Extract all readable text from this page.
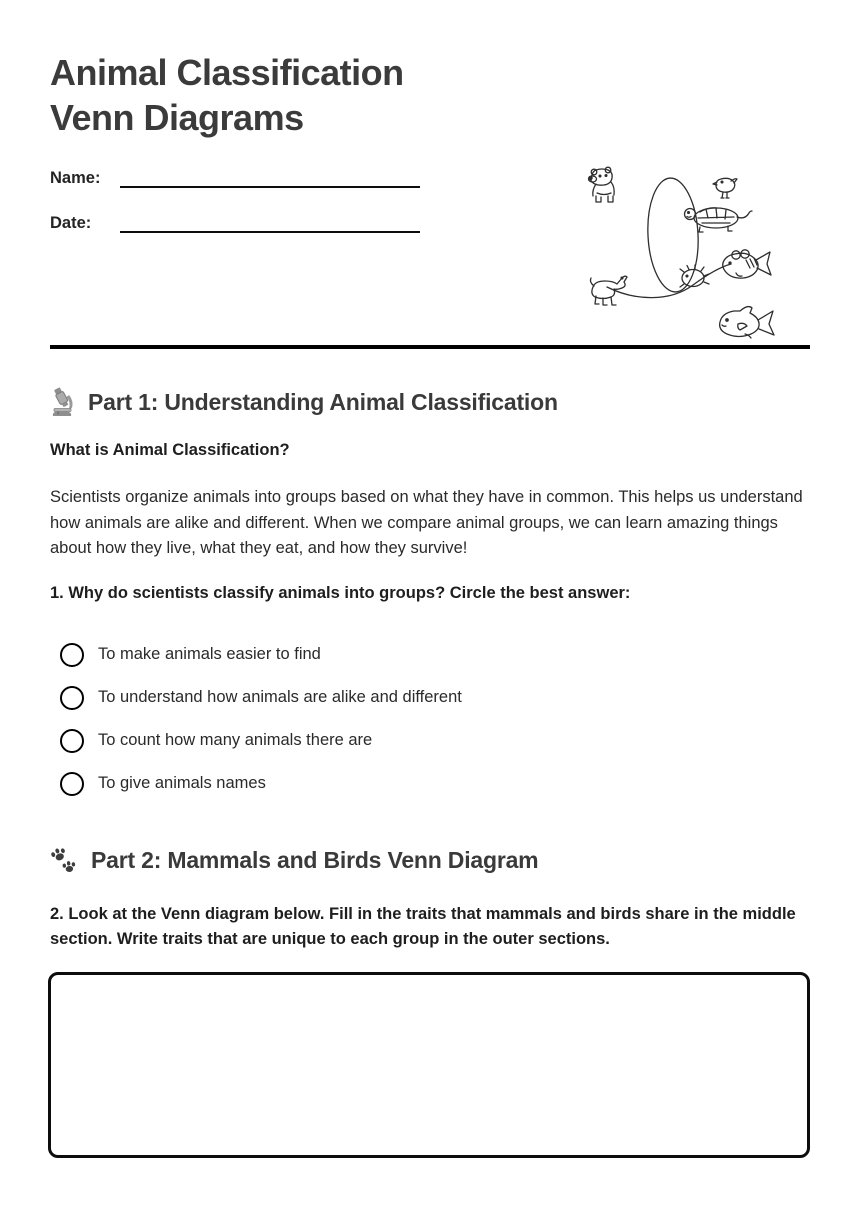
Animal Classification
Venn Diagrams
Name:
Date:
Part 1: Understanding Animal Classification
What is Animal Classification?
Scientists organize animals into groups based on what they have in common. This helps us understand how animals are alike and different. When we compare animal groups, we can learn amazing things about how they live, what they eat, and how they survive!
1. Why do scientists classify animals into groups? Circle the best answer:
To make animals easier to find
To understand how animals are alike and different
To count how many animals there are
To give animals names
Part 2: Mammals and Birds Venn Diagram
2. Look at the Venn diagram below. Fill in the traits that mammals and birds share in the middle section. Write traits that are unique to each group in the outer sections.
